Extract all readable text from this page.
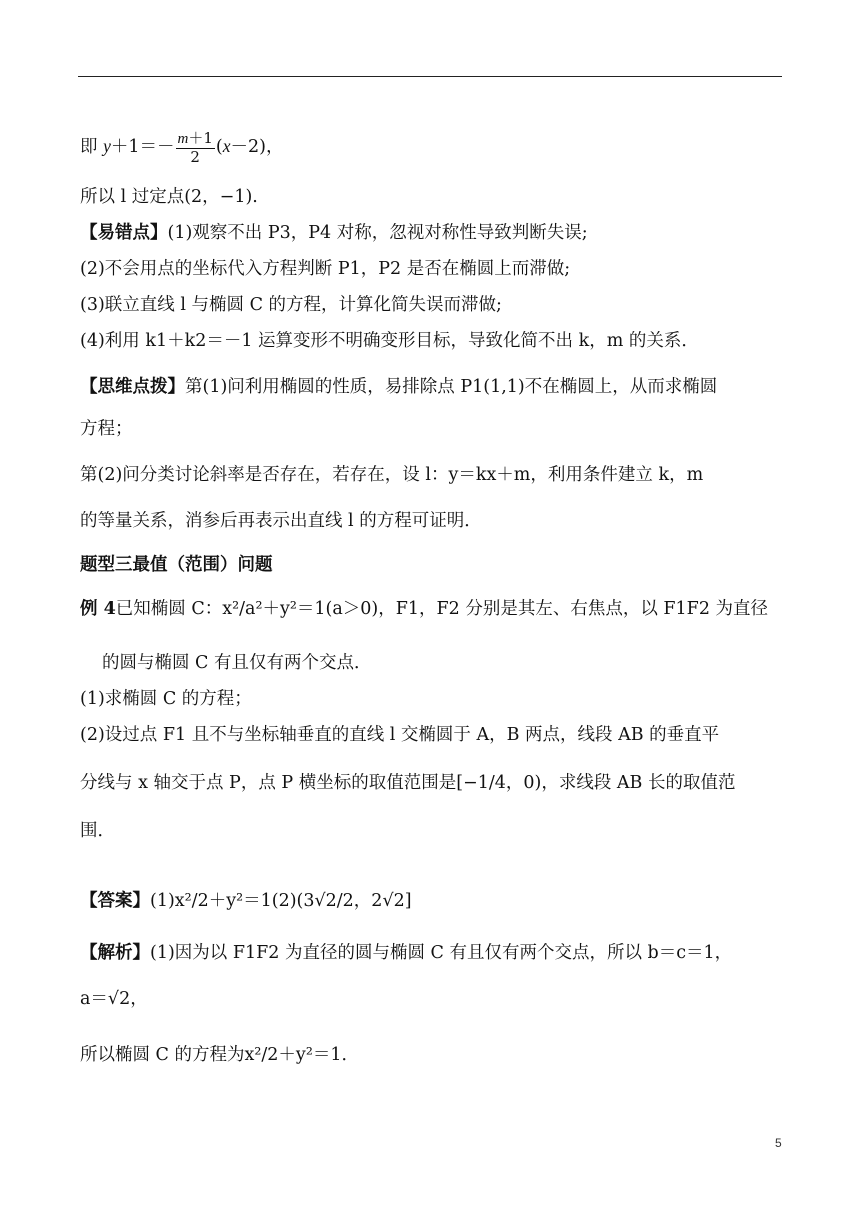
即 $y+1=- \frac{m+1}{2} (x-2)$，
所以 l 过定点(2，−1).
【易错点】(1)观察不出 P3，P4 对称，忽视对称性导致判断失误;
(2)不会用点的坐标代入方程判断 P1，P2 是否在椭圆上而滞做;
(3)联立直线 l 与椭圆 C 的方程，计算化简失误而滞做;
(4)利用 k1＋k2＝－1 运算变形不明确变形目标，导致化简不出 k，m 的关系．
【思维点拨】第(1)问利用椭圆的性质，易排除点 P1(1,1)不在椭圆上，从而求椭圆
方程；
第(2)问分类讨论斜率是否存在，若存在，设 l：y＝kx＋m，利用条件建立 k，m
的等量关系，消参后再表示出直线 l 的方程可证明．
题型三最值（范围）问题
例 4已知椭圆 C：x²/a²＋y²＝1(a＞0)，F1，F2 分别是其左、右焦点，以 F1F2 为直径
的圆与椭圆 C 有且仅有两个交点．
(1)求椭圆 C 的方程；
(2)设过点 F1 且不与坐标轴垂直的直线 l 交椭圆于 A，B 两点，线段 AB 的垂直平
分线与 x 轴交于点 P，点 P 横坐标的取值范围是[−1/4，0)，求线段 AB 长的取值范
围．
【答案】(1)x²/2＋y²＝1(2)(3√2/2，2√2]
【解析】(1)因为以 F1F2 为直径的圆与椭圆 C 有且仅有两个交点，所以 b＝c＝1，
a＝√2，
所以椭圆 C 的方程为x²/2＋y²＝1．
5
